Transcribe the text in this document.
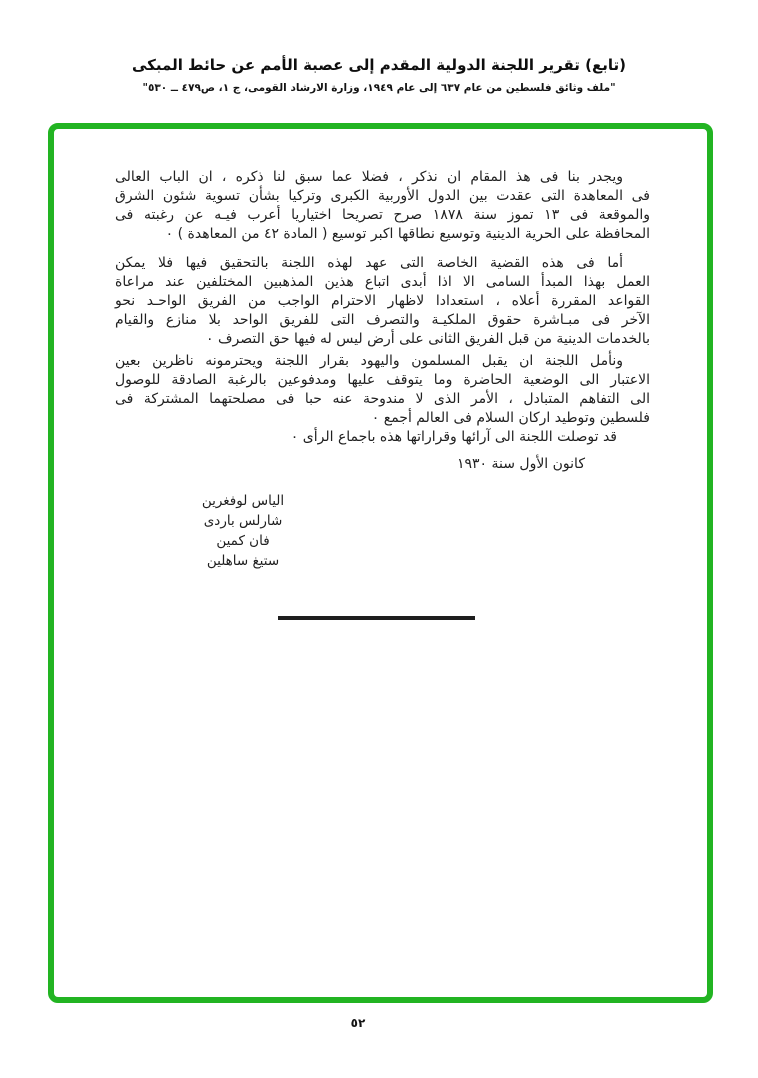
(تابع) تقرير اللجنة الدولية المقدم إلى عصبة الأمم عن حائط المبكى
"ملف وثائق فلسطين من عام ٦٣٧ إلى عام ١٩٤٩، وزارة الارشاد القومى، ج ١، ص٤٧٩ ــ ٥٣٠"
ويجدر بنا فى هذ المقام ان نذكر ، فضلا عما سبق لنا ذكره ، ان الباب العالى
فى المعاهدة التى عقدت بين الدول الأوربية الكبرى وتركيا بشأن تسوية شئون الشرق
والموقعة فى ١٣ تموز سنة ١٨٧٨ صرح تصريحا اختياريا أعرب فيـه عن رغبته فى
المحافظة على الحرية الدينية وتوسيع نطاقها اكبر توسيع ( المادة ٤٢ من المعاهدة ) ٠
أما فى هذه القضية الخاصة التى عهد لهذه اللجنة بالتحقيق فيها فلا يمكن
العمل بهذا المبدأ السامى الا اذا أبدى اتباع هذين المذهبين المختلفين عند مراعاة
القواعد المقررة أعلاه ، استعدادا لاظهار الاحترام الواجب من الفريق الواحـد نحو
الآخر فى مبـاشرة حقوق الملكيـة والتصرف التى للفريق الواحد بلا منازع والقيام
بالخدمات الدينية من قبل الفريق الثانى على أرض ليس له فيها حق التصرف ٠
ونأمل اللجنة ان يقبل المسلمون واليهود بقرار اللجنة ويحترمونه ناظرين بعين
الاعتبار الى الوضعية الحاضرة وما يتوقف عليها ومدفوعين بالرغبة الصادقة للوصول
الى التفاهم المتبادل ، الأمر الذى لا مندوحة عنه حبا فى مصلحتهما المشتركة فى
فلسطين وتوطيد اركان السلام فى العالم أجمع ٠
قد توصلت اللجنة الى آرائها وقراراتها هذه باجماع الرأى ٠
كانون الأول سنة ١٩٣٠
الياس لوفغرين
شارلس باردى
فان كمين
ستيغ ساهلين
٥٢
